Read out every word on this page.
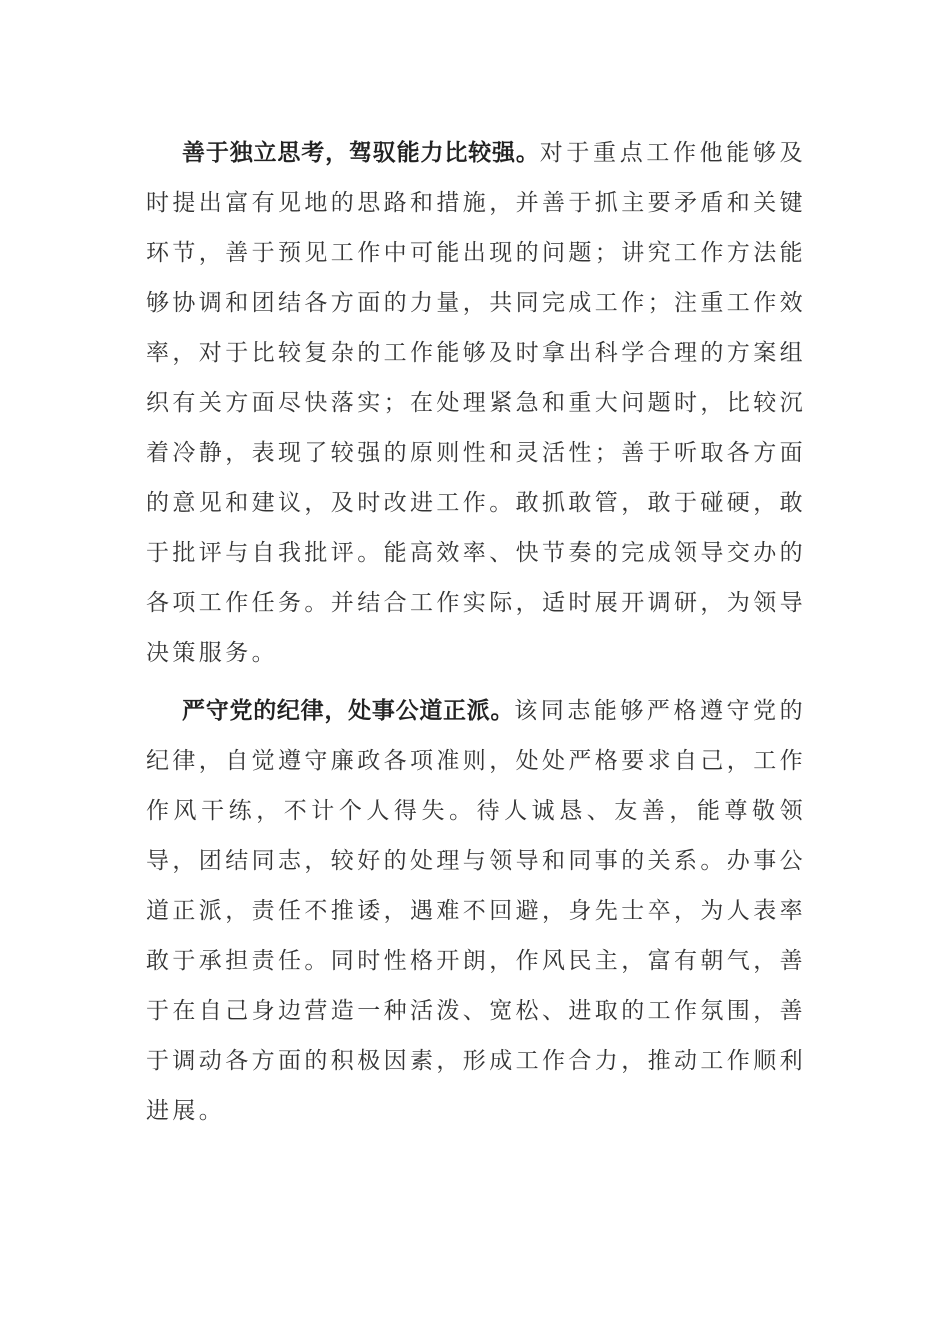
善于独立思考，驾驭能力比较强。对于重点工作他能够及时提出富有见地的思路和措施，并善于抓主要矛盾和关键环节，善于预见工作中可能出现的问题；讲究工作方法能够协调和团结各方面的力量，共同完成工作；注重工作效率，对于比较复杂的工作能够及时拿出科学合理的方案组织有关方面尽快落实；在处理紧急和重大问题时，比较沉着冷静，表现了较强的原则性和灵活性；善于听取各方面的意见和建议，及时改进工作。敢抓敢管，敢于碰硬，敢于批评与自我批评。能高效率、快节奏的完成领导交办的各项工作任务。并结合工作实际，适时展开调研，为领导决策服务。

严守党的纪律，处事公道正派。该同志能够严格遵守党的纪律，自觉遵守廉政各项准则，处处严格要求自己，工作作风干练，不计个人得失。待人诚恳、友善，能尊敬领导，团结同志，较好的处理与领导和同事的关系。办事公道正派，责任不推诿，遇难不回避，身先士卒，为人表率敢于承担责任。同时性格开朗，作风民主，富有朝气，善于在自己身边营造一种活泼、宽松、进取的工作氛围，善于调动各方面的积极因素，形成工作合力，推动工作顺利进展。
